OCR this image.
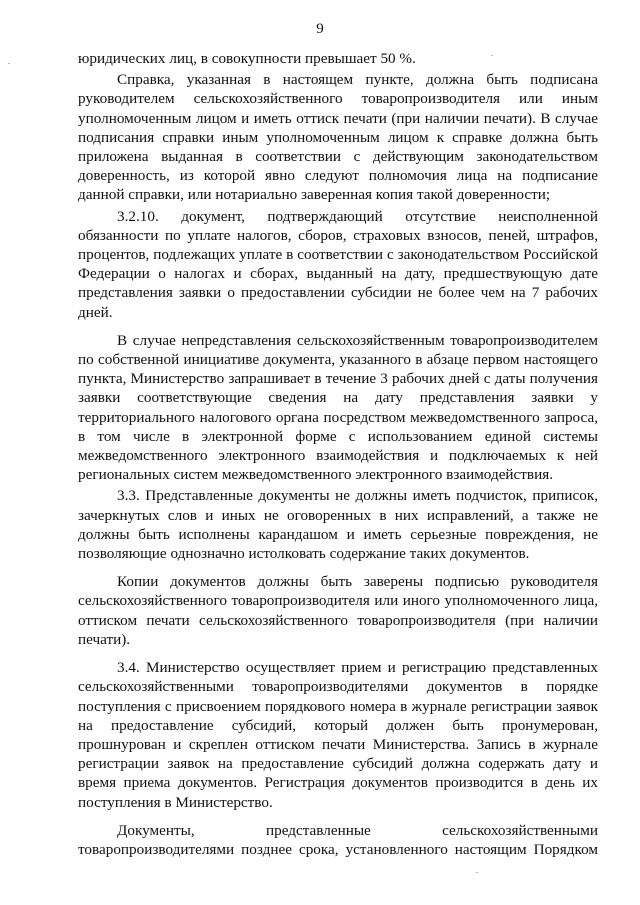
9

юридических лиц, в совокупности превышает 50 %.

Справка, указанная в настоящем пункте, должна быть подписана руководителем сельскохозяйственного товаропроизводителя или иным уполномоченным лицом и иметь оттиск печати (при наличии печати). В случае подписания справки иным уполномоченным лицом к справке должна быть приложена выданная в соответствии с действующим законодательством доверенность, из которой явно следуют полномочия лица на подписание данной справки, или нотариально заверенная копия такой доверенности;

3.2.10. документ, подтверждающий отсутствие неисполненной обязанности по уплате налогов, сборов, страховых взносов, пеней, штрафов, процентов, подлежащих уплате в соответствии с законодательством Российской Федерации о налогах и сборах, выданный на дату, предшествующую дате представления заявки о предоставлении субсидии не более чем на 7 рабочих дней.

В случае непредставления сельскохозяйственным товаропроизводителем по собственной инициативе документа, указанного в абзаце первом настоящего пункта, Министерство запрашивает в течение 3 рабочих дней с даты получения заявки соответствующие сведения на дату представления заявки у территориального налогового органа посредством межведомственного запроса, в том числе в электронной форме с использованием единой системы межведомственного электронного взаимодействия и подключаемых к ней региональных систем межведомственного электронного взаимодействия.

3.3. Представленные документы не должны иметь подчисток, приписок, зачеркнутых слов и иных не оговоренных в них исправлений, а также не должны быть исполнены карандашом и иметь серьезные повреждения, не позволяющие однозначно истолковать содержание таких документов.

Копии документов должны быть заверены подписью руководителя сельскохозяйственного товаропроизводителя или иного уполномоченного лица, оттиском печати сельскохозяйственного товаропроизводителя (при наличии печати).

3.4. Министерство осуществляет прием и регистрацию представленных сельскохозяйственными товаропроизводителями документов в порядке поступления с присвоением порядкового номера в журнале регистрации заявок на предоставление субсидий, который должен быть пронумерован, прошнурован и скреплен оттиском печати Министерства. Запись в журнале регистрации заявок на предоставление субсидий должна содержать дату и время приема документов. Регистрация документов производится в день их поступления в Министерство.

Документы, представленные сельскохозяйственными товаропроизводителями позднее срока, установленного настоящим Порядком
